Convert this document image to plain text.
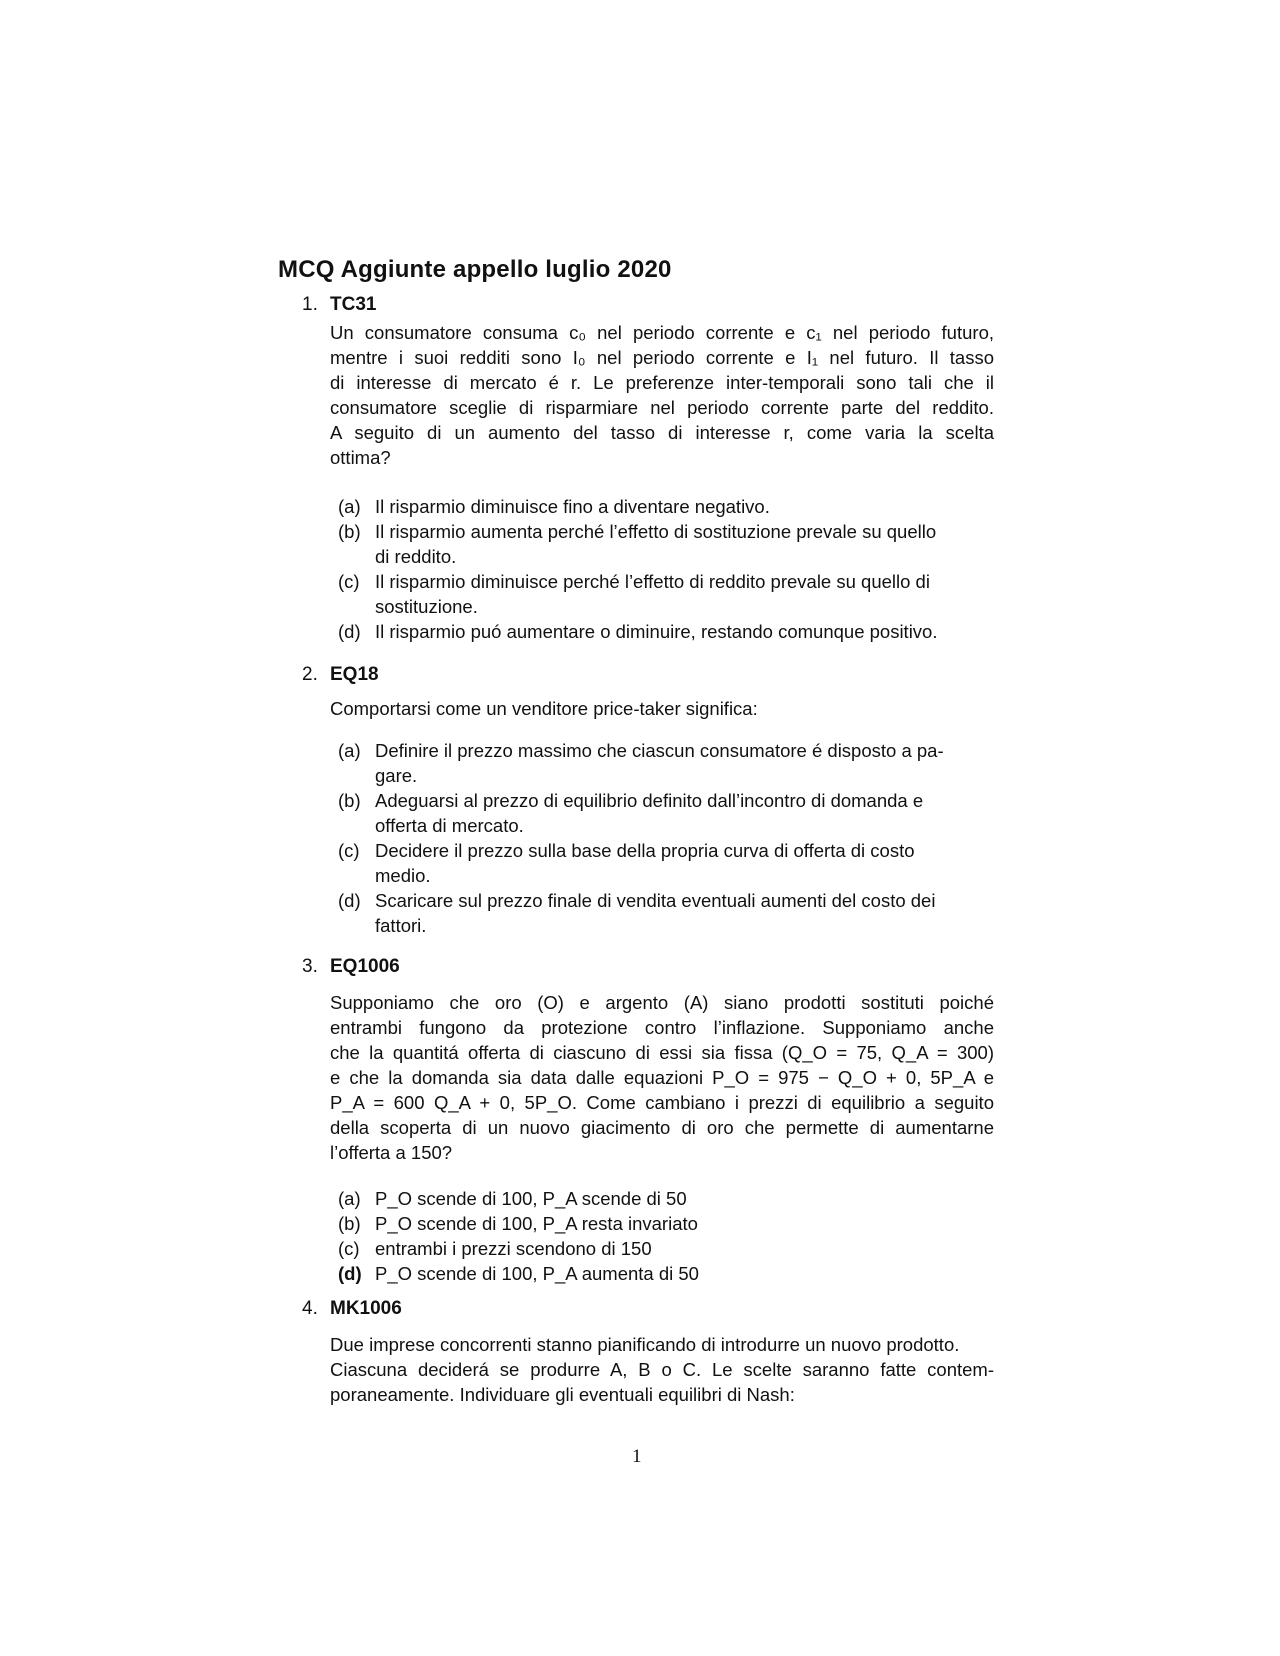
MCQ Aggiunte appello luglio 2020
1. TC31
Un consumatore consuma c₀ nel periodo corrente e c₁ nel periodo futuro,
mentre i suoi redditi sono I₀ nel periodo corrente e I₁ nel futuro. Il tasso
di interesse di mercato é r. Le preferenze inter-temporali sono tali che il
consumatore sceglie di risparmiare nel periodo corrente parte del reddito.
A seguito di un aumento del tasso di interesse r, come varia la scelta
ottima?
(a) Il risparmio diminuisce fino a diventare negativo.
(b) Il risparmio aumenta perché l’effetto di sostituzione prevale su quello
di reddito.
(c) Il risparmio diminuisce perché l’effetto di reddito prevale su quello di
sostituzione.
(d) Il risparmio puó aumentare o diminuire, restando comunque positivo.
2. EQ18
Comportarsi come un venditore price-taker significa:
(a) Definire il prezzo massimo che ciascun consumatore é disposto a pa-
gare.
(b) Adeguarsi al prezzo di equilibrio definito dall’incontro di domanda e
offerta di mercato.
(c) Decidere il prezzo sulla base della propria curva di offerta di costo
medio.
(d) Scaricare sul prezzo finale di vendita eventuali aumenti del costo dei
fattori.
3. EQ1006
Supponiamo che oro (O) e argento (A) siano prodotti sostituti poiché
entrambi fungono da protezione contro l’inflazione. Supponiamo anche
che la quantitá offerta di ciascuno di essi sia fissa (Q_O = 75, Q_A = 300)
e che la domanda sia data dalle equazioni P_O = 975 − Q_O + 0, 5P_A e
P_A = 600 Q_A + 0, 5P_O. Come cambiano i prezzi di equilibrio a seguito
della scoperta di un nuovo giacimento di oro che permette di aumentarne
l’offerta a 150?
(a) P_O scende di 100, P_A scende di 50
(b) P_O scende di 100, P_A resta invariato
(c) entrambi i prezzi scendono di 150
(d) P_O scende di 100, P_A aumenta di 50
4. MK1006
Due imprese concorrenti stanno pianificando di introdurre un nuovo prodotto.
Ciascuna deciderá se produrre A, B o C. Le scelte saranno fatte contem-
poraneamente. Individuare gli eventuali equilibri di Nash:
1
